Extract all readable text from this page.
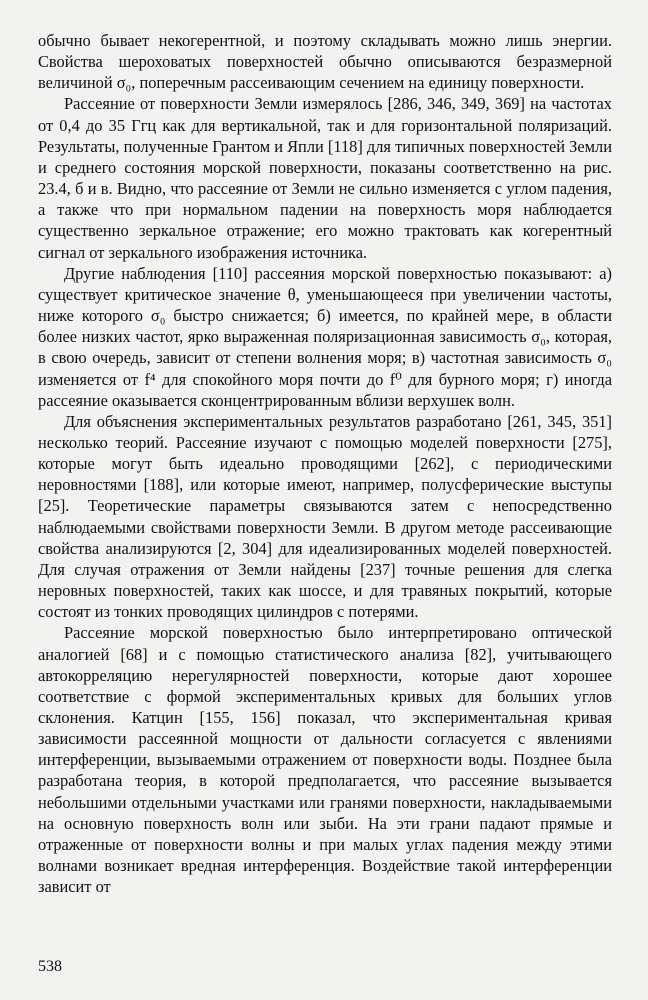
обычно бывает некогерентной, и поэтому складывать можно лишь энергии. Свойства шероховатых поверхностей обычно описываются безразмерной величиной σ₀, поперечным рассеивающим сечением на единицу поверхности.

Рассеяние от поверхности Земли измерялось [286, 346, 349, 369] на частотах от 0,4 до 35 Ггц как для вертикальной, так и для горизонтальной поляризаций. Результаты, полученные Грантом и Япли [118] для типичных поверхностей Земли и среднего состояния морской поверхности, показаны соответственно на рис. 23.4, б и в. Видно, что рассеяние от Земли не сильно изменяется с углом падения, а также что при нормальном падении на поверхность моря наблюдается существенно зеркальное отражение; его можно трактовать как когерентный сигнал от зеркального изображения источника.

Другие наблюдения [110] рассеяния морской поверхностью показывают: а) существует критическое значение θ, уменьшающееся при увеличении частоты, ниже которого σ₀ быстро снижается; б) имеется, по крайней мере, в области более низких частот, ярко выраженная поляризационная зависимость σ₀, которая, в свою очередь, зависит от степени волнения моря; в) частотная зависимость σ₀ изменяется от f⁴ для спокойного моря почти до f⁰ для бурного моря; г) иногда рассеяние оказывается сконцентрированным вблизи верхушек волн.

Для объяснения экспериментальных результатов разработано [261, 345, 351] несколько теорий. Рассеяние изучают с помощью моделей поверхности [275], которые могут быть идеально проводящими [262], с периодическими неровностями [188], или которые имеют, например, полусферические выступы [25]. Теоретические параметры связываются затем с непосредственно наблюдаемыми свойствами поверхности Земли. В другом методе рассеивающие свойства анализируются [2, 304] для идеализированных моделей поверхностей. Для случая отражения от Земли найдены [237] точные решения для слегка неровных поверхностей, таких как шоссе, и для травяных покрытий, которые состоят из тонких проводящих цилиндров с потерями.

Рассеяние морской поверхностью было интерпретировано оптической аналогией [68] и с помощью статистического анализа [82], учитывающего автокорреляцию нерегулярностей поверхности, которые дают хорошее соответствие с формой экспериментальных кривых для больших углов склонения. Катцин [155, 156] показал, что экспериментальная кривая зависимости рассеянной мощности от дальности согласуется с явлениями интерференции, вызываемыми отражением от поверхности воды. Позднее была разработана теория, в которой предполагается, что рассеяние вызывается небольшими отдельными участками или гранями поверхности, накладываемыми на основную поверхность волн или зыби. На эти грани падают прямые и отраженные от поверхности волны и при малых углах падения между этими волнами возникает вредная интерференция. Воздействие такой интерференции зависит от

538
